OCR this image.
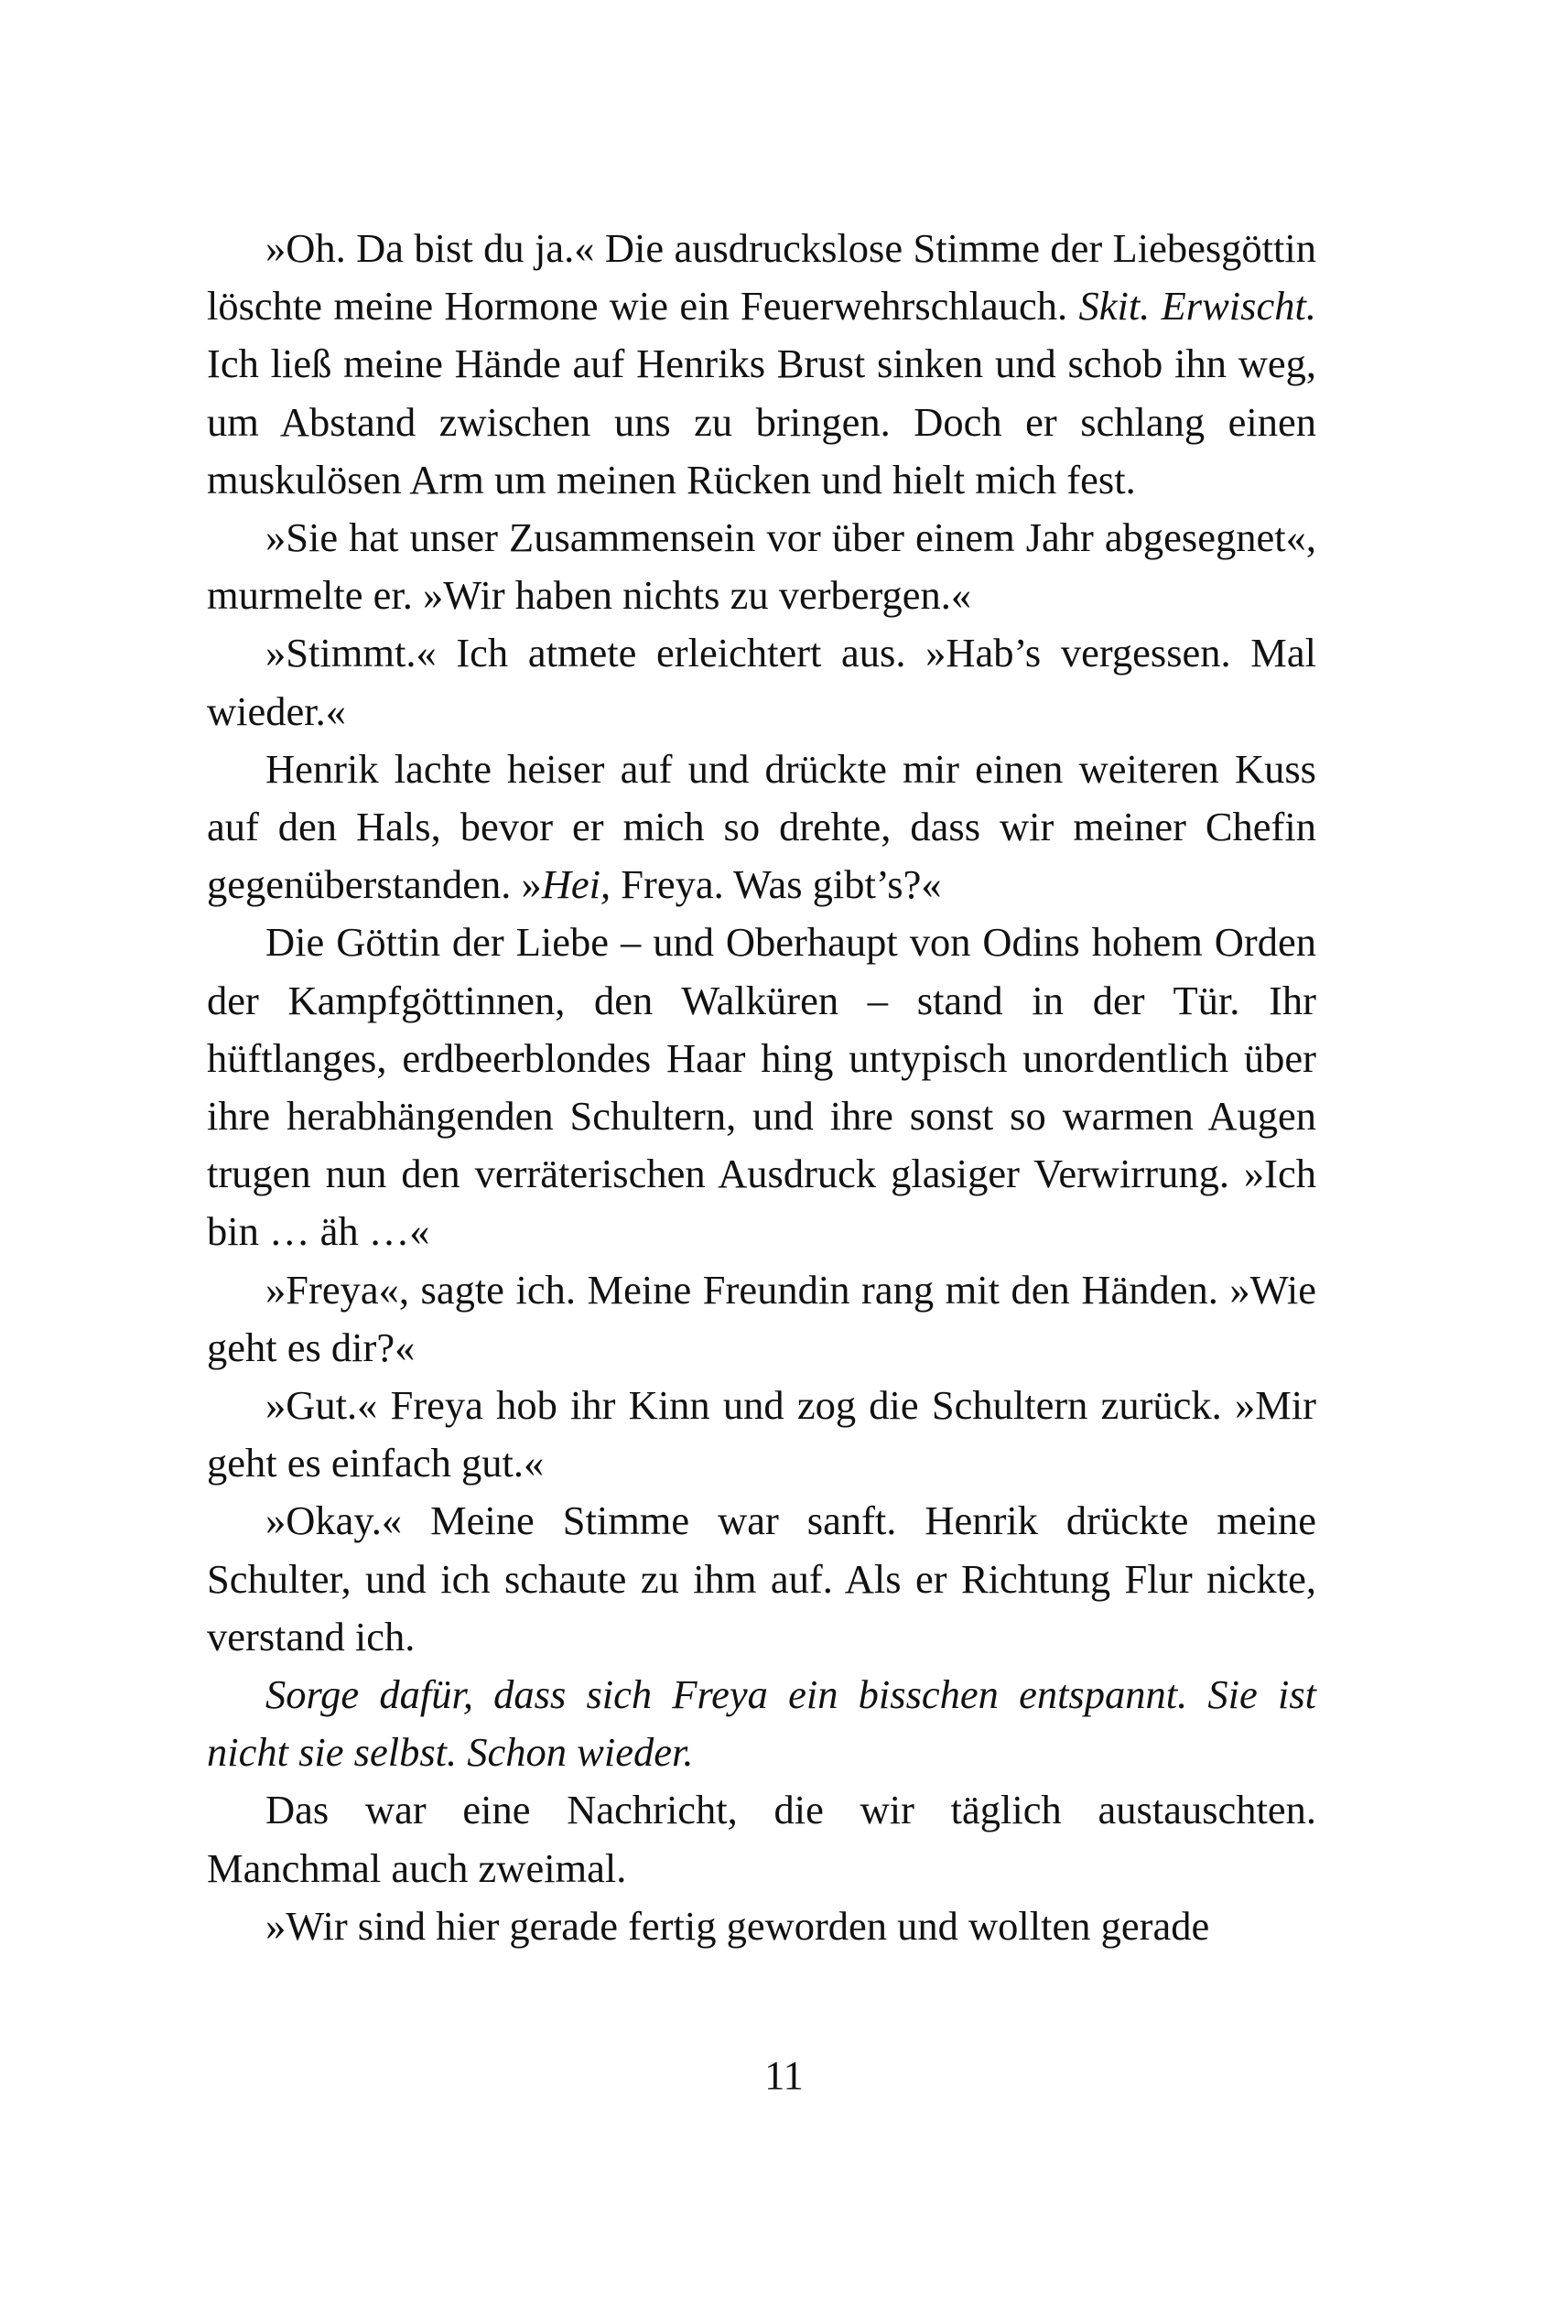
»Oh. Da bist du ja.« Die ausdruckslose Stimme der Liebesgöttin löschte meine Hormone wie ein Feuerwehrschlauch. Skit. Erwischt. Ich ließ meine Hände auf Henriks Brust sinken und schob ihn weg, um Abstand zwischen uns zu bringen. Doch er schlang einen muskulösen Arm um meinen Rücken und hielt mich fest.

»Sie hat unser Zusammensein vor über einem Jahr abgesegnet«, murmelte er. »Wir haben nichts zu verbergen.«

»Stimmt.« Ich atmete erleichtert aus. »Hab’s vergessen. Mal wieder.«

Henrik lachte heiser auf und drückte mir einen weiteren Kuss auf den Hals, bevor er mich so drehte, dass wir meiner Chefin gegenüberstanden. »Hei, Freya. Was gibt’s?«

Die Göttin der Liebe – und Oberhaupt von Odins hohem Orden der Kampfgöttinnen, den Walküren – stand in der Tür. Ihr hüftlanges, erdbeerblondes Haar hing untypisch unordentlich über ihre herabhängenden Schultern, und ihre sonst so warmen Augen trugen nun den verräterischen Ausdruck glasiger Verwirrung. »Ich bin … äh …«

»Freya«, sagte ich. Meine Freundin rang mit den Händen. »Wie geht es dir?«

»Gut.« Freya hob ihr Kinn und zog die Schultern zurück. »Mir geht es einfach gut.«

»Okay.« Meine Stimme war sanft. Henrik drückte meine Schulter, und ich schaute zu ihm auf. Als er Richtung Flur nickte, verstand ich.

Sorge dafür, dass sich Freya ein bisschen entspannt. Sie ist nicht sie selbst. Schon wieder.

Das war eine Nachricht, die wir täglich austauschten. Manchmal auch zweimal.

»Wir sind hier gerade fertig geworden und wollten gerade

11
